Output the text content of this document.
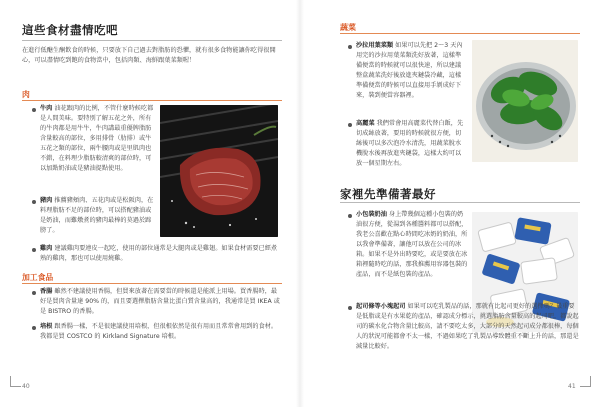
這些食材盡情吃吧
在進行低醣生酮飲食的時候，只要放下自己過去對脂肪的恐懼，就有很多食物能讓你吃得很開心，可以盡情吃到飽的食物當中，包括肉類、海鮮跟葉菜類喔！
肉
牛肉 油花跟肉的比例，不管什麼時候吃都是人間美味。要特別了解五花之外，所有的牛肉都是用牛牛，牛肉講最重優牌脂肪含量較高的部位，多用排骨（肋排）或牛五花之類的部位，兩牛腰肉或是里肌肉也不錯，在料理少脂肪較清爽的部位時，可以加點奶油或是豬油提點使用。
豬肉 推薦豬頰肉、五花肉或是松阪肉，在料理脂肪不足的部位時，可以搭配豬油或是奶油，而難燉煮的豬肉最棒的莫過於蹄膀了。
雞肉 建議雞肉要連皮一起吃，使用的部位通常是大腿肉或是雞翅。如果食材需要已經煮熟的雞肉，那也可以使用燒雞。
加工食品
香腸 雖然不建議使用香腸，但買來放著在需要當的時候還是能派上用場。買香腸時，最好是買肉含量達 90% 的，而且要選擇脂肪含量比蛋白質含量高的，我通常是買 IKEA 或是 BISTRO 的香腸。
培根 跟香腸一樣，不是很建議使用培根，但很根依然是很有用而且常常會用到的食材。我都是買 COSTCO 的 Kirkland Signature 培根。
40
蔬菜
沙拉用葉菜類 如果可以先把 2～3 天內用完的沙拉用葉菜類洗好放著，這樣準備便當的時候就可以很快速，所以建議整盒蔬菜洗好後放進夾鏈袋冷藏，這樣準備便當的時候可以直接用手剝成好下來，裝到便當容器裡。
高麗菜 我們常會用高麗菜代替白飯，先切成絲放著，要用的時候就很方便，切絲後可以多次泡冷水清洗，用蔬菜脫水機脫水後再放進夾鏈袋，這樣大約可以放一個星期左右。
家裡先準備著最好
小包裝奶油 身上帶幾個這種小包裝的奶油很方便，從湯到各種醬料都可以搭配，我老公喜歡在點心時間吃冰奶的奶油，所以我會準備著，讓他可以放在公司的冰箱。如果不是外出時要吃，或是要放在冰箱裡隨時吃的話，那我推薦用容器包裝的產品，而不是紙包裝的產品。
起司條等小塊起司 如果可以吃乳製品的話，那就有比起司更好的選擇嗎？最重要是低脂或是有水果乾的產品，確認成分標示，挑選脂肪含量較高的起司吧，都說起司的碳水化合物含量比較高，請不要吃太多，大部分的天然起司成分都很棒，每個人的狀況可能都會不太一樣，不過如果吃了乳製品導致體重不斷上升的話，那還是減量比較好。
41
